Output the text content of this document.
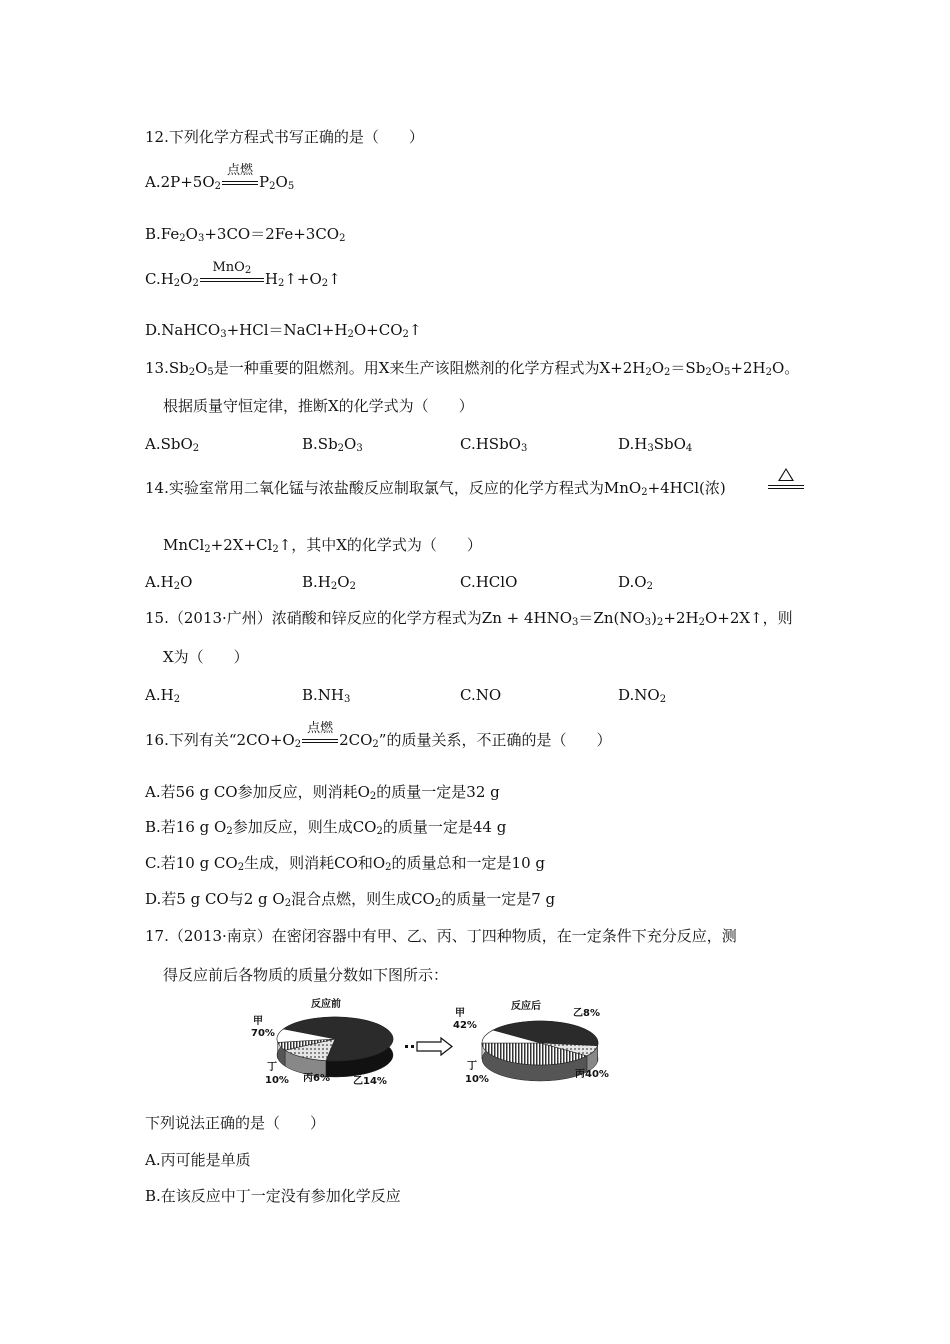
12.下列化学方程式书写正确的是（　　）
$A.2P+5O_2$
点燃
$P_2O_5$
$B.Fe_2O_3+3CO=2Fe+3CO_2$
$C.H_2O_2$
MnO$_2$ $H_2↑+O_2↑$
$D.NaHCO_3+HCl=NaCl+H_2O+CO_2↑$
$13.Sb_2O_5$是一种重要的阻燃剂。用X来生产该阻燃剂的化学方程式为$X+2H_2O_2=Sb_2O_5+2H_2O$。
根据质量守恒定律，推断X的化学式为（　　）
A.SbO$_2$	$B.Sb_2O_3$	C.HSbO$_3$	$D.H_3SbO_4$
14.实验室常用二氧化锰与浓盐酸反应制取氯气，反应的化学方程式为MnO$_2$+4HCl(浓)
$MnCl_2+2X+Cl_2↑$，其中X的化学式为（　　）
$A.H_2O$	$B.H_2O_2$	C.HClO	$D.O_2$
15.（2013·广州）浓硝酸和锌反应的化学方程式为$Zn + 4HNO_3=Zn(NO_3)_2+2H_2O+2X↑$，则
X为（　　）
$A.H_2$	$B.NH_3$	C.NO	$D.NO_2$
16.下列有关“$2CO+O_2$
点燃
$2CO_2$”的质量关系，不正确的是（　　）
A.若56 g CO参加反应，则消耗$O_2$的质量一定是32 g
B.若16 g $O_2$参加反应，则生成$CO_2$的质量一定是44 g
C.若10 g $CO_2$生成，则消耗CO和$O_2$的质量总和一定是10 g
D.若5 g CO与2 g $O_2$混合点燃，则生成$CO_2$的质量一定是7 g
17.（2013·南京）在密闭容器中有甲、乙、丙、丁四种物质，在一定条件下充分反应，测
得反应前后各物质的质量分数如下图所示：
反应前
甲
70%
丁
10% 丙6% 乙14%
反应后
甲
42%
乙8%
丁
10%	丙40%
下列说法正确的是（　　）
A.丙可能是单质
B.在该反应中丁一定没有参加化学反应
